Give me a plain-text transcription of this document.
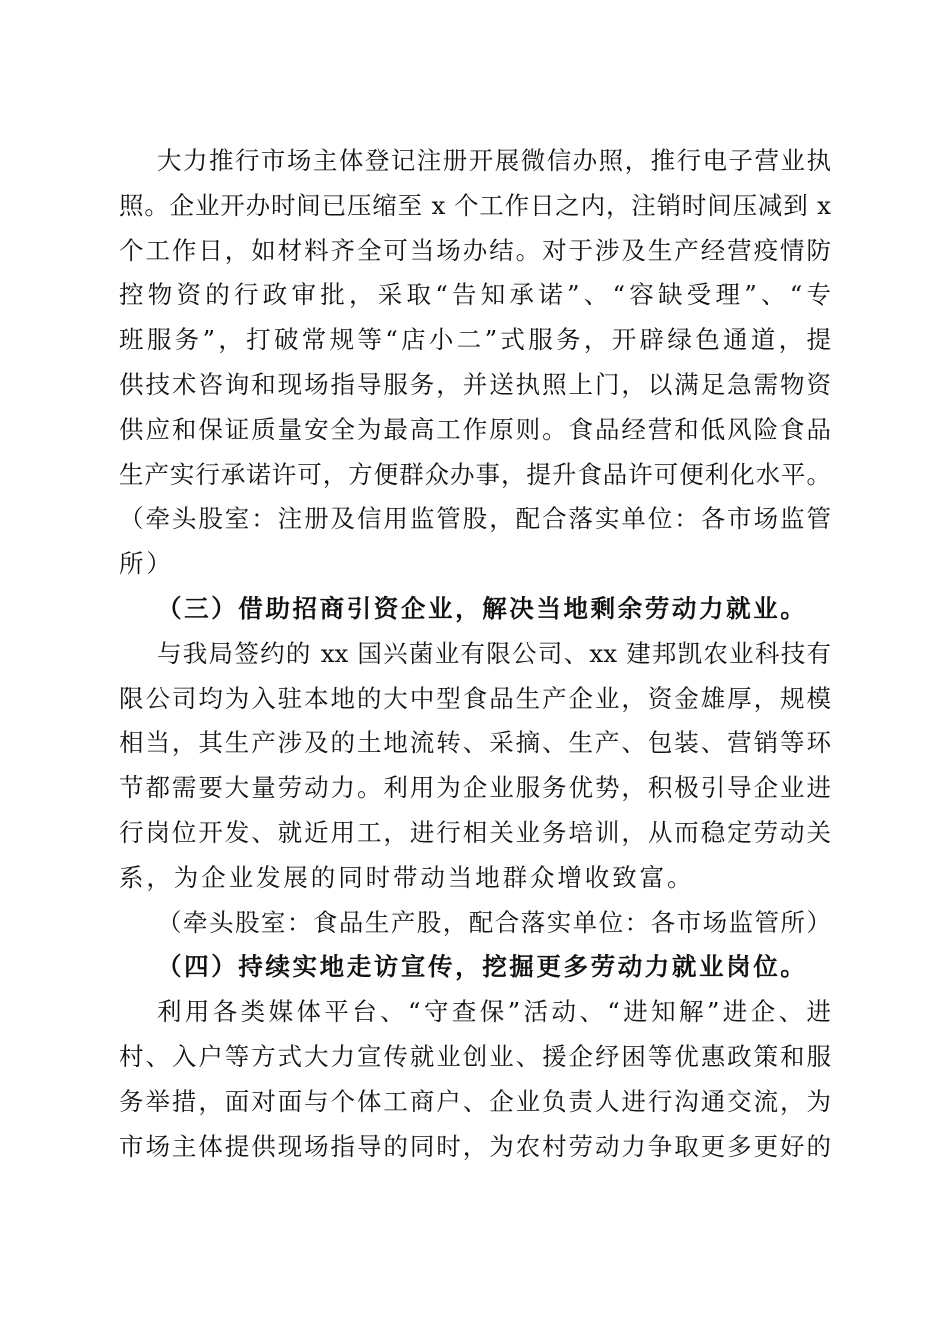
大力推行市场主体登记注册开展微信办照，推行电子营业执
照。企业开办时间已压缩至 x 个工作日之内，注销时间压减到 x
个工作日，如材料齐全可当场办结。对于涉及生产经营疫情防
控物资的行政审批，采取“告知承诺”、“容缺受理”、“专
班服务”，打破常规等“店小二”式服务，开辟绿色通道，提
供技术咨询和现场指导服务，并送执照上门，以满足急需物资
供应和保证质量安全为最高工作原则。食品经营和低风险食品
生产实行承诺许可，方便群众办事，提升食品许可便利化水平。
（牵头股室：注册及信用监管股，配合落实单位：各市场监管
所）
（三）借助招商引资企业，解决当地剩余劳动力就业。
与我局签约的 xx 国兴菌业有限公司、xx 建邦凯农业科技有
限公司均为入驻本地的大中型食品生产企业，资金雄厚，规模
相当，其生产涉及的土地流转、采摘、生产、包装、营销等环
节都需要大量劳动力。利用为企业服务优势，积极引导企业进
行岗位开发、就近用工，进行相关业务培训，从而稳定劳动关
系，为企业发展的同时带动当地群众增收致富。
（牵头股室：食品生产股，配合落实单位：各市场监管所）
（四）持续实地走访宣传，挖掘更多劳动力就业岗位。
利用各类媒体平台、“守查保”活动、“进知解”进企、进
村、入户等方式大力宣传就业创业、援企纾困等优惠政策和服
务举措，面对面与个体工商户、企业负责人进行沟通交流，为
市场主体提供现场指导的同时，为农村劳动力争取更多更好的
